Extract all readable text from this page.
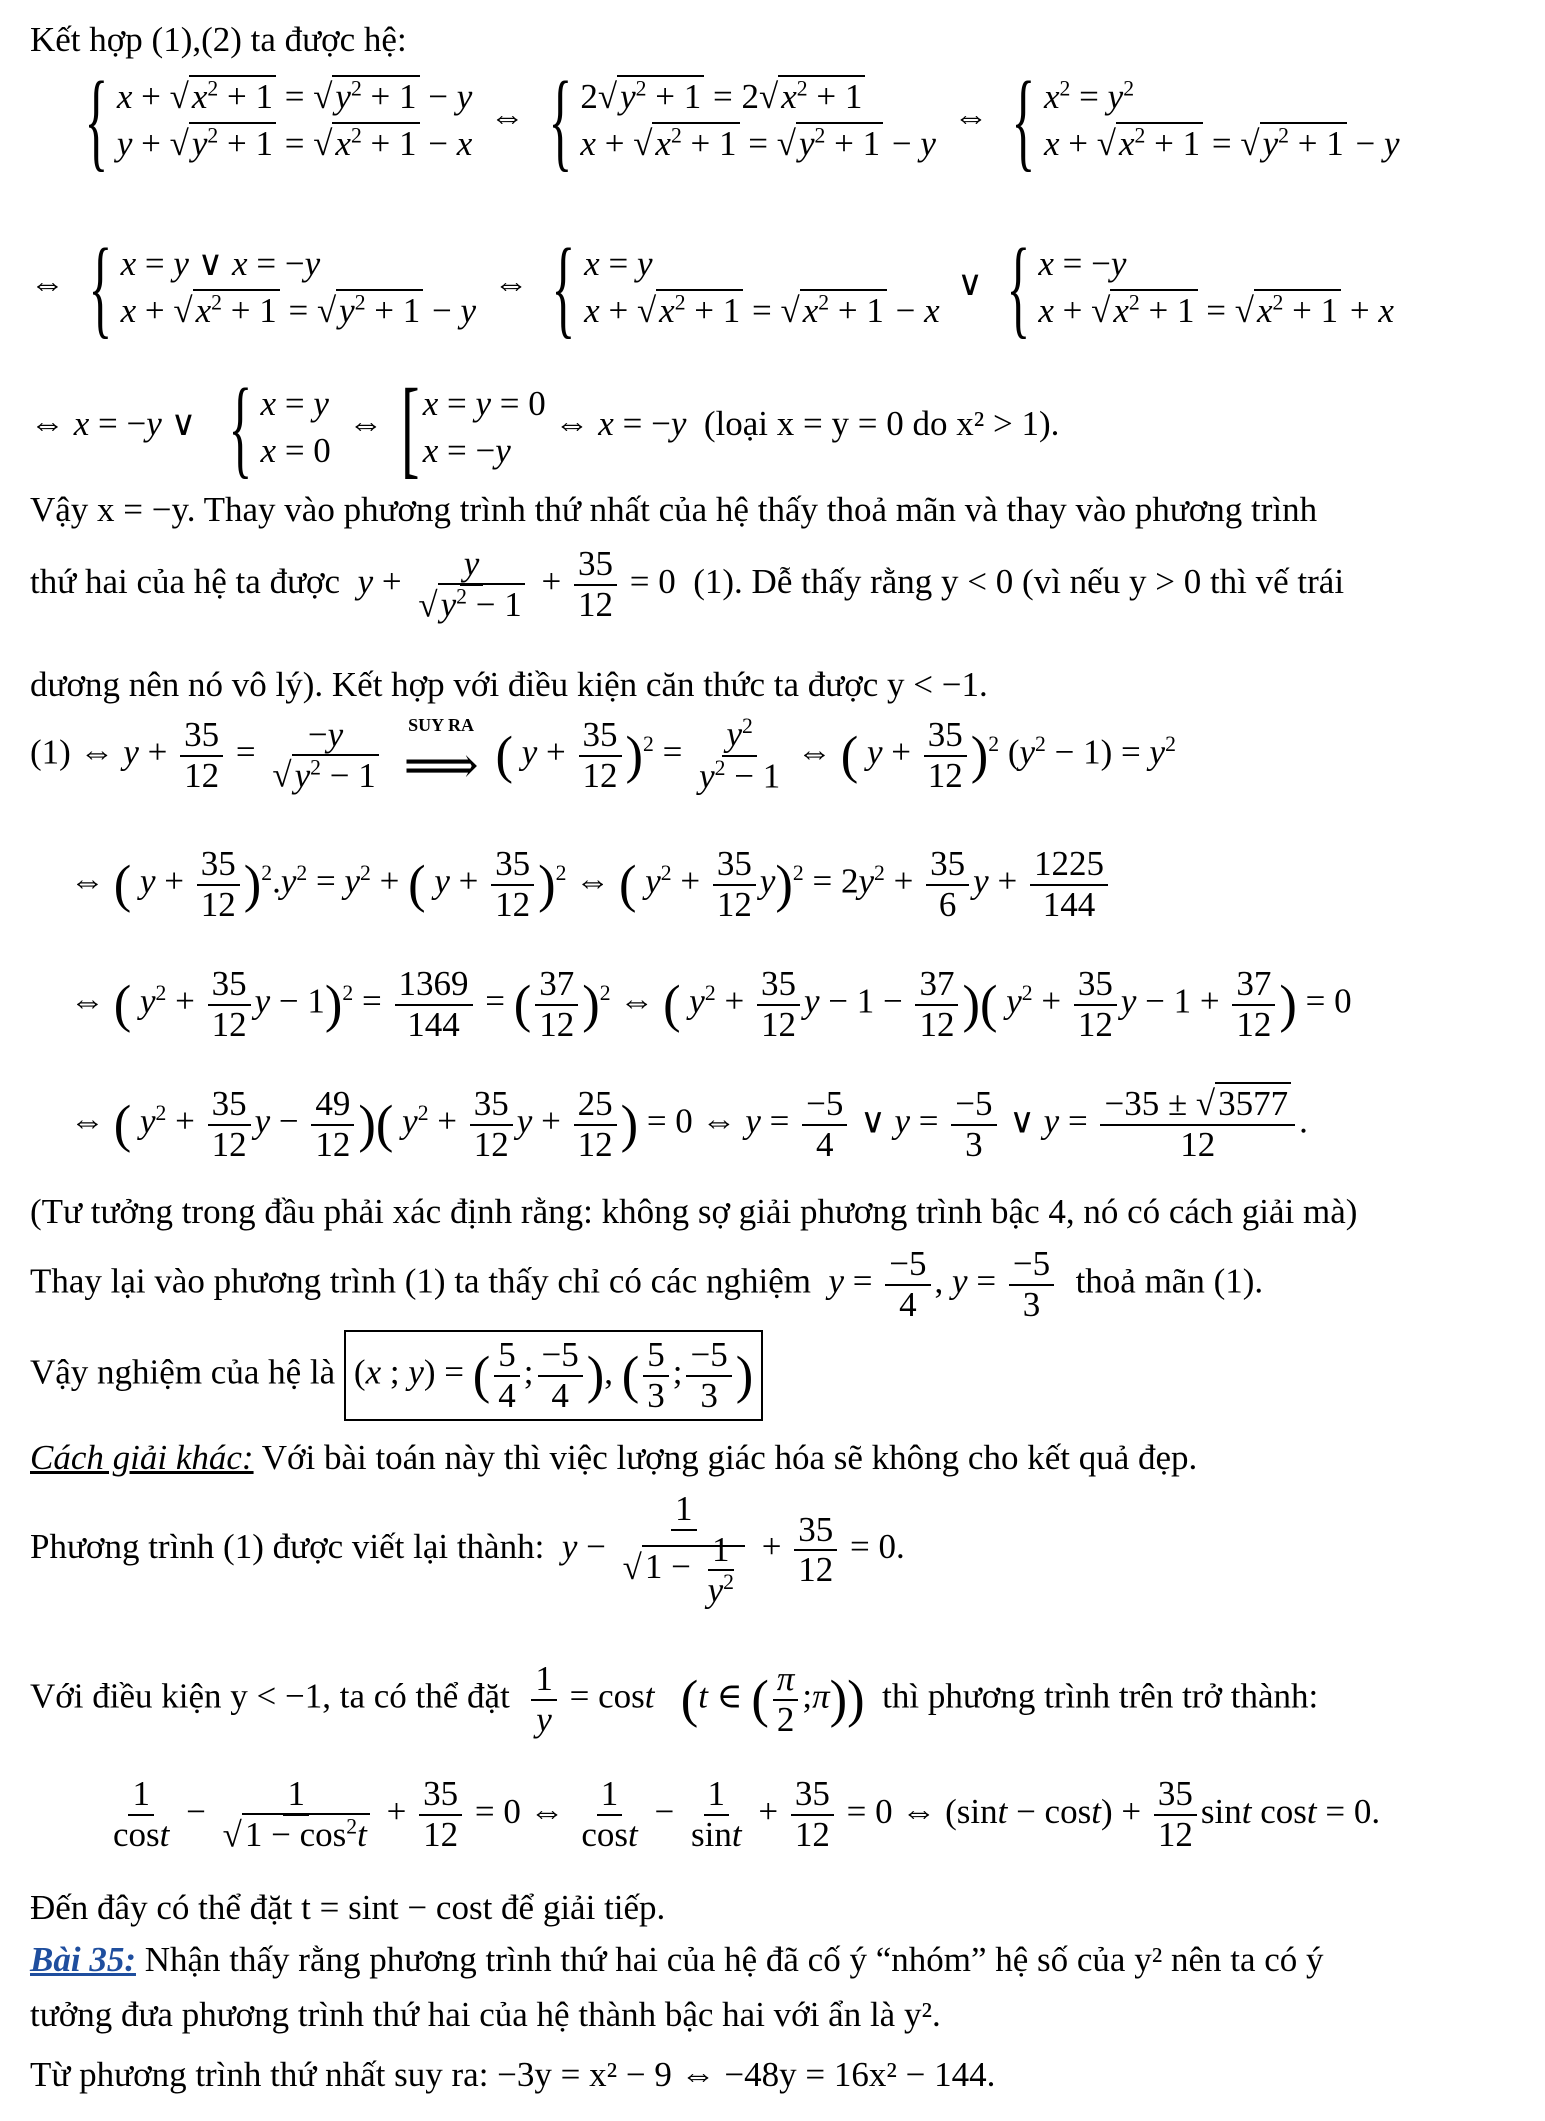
Kết hợp (1),(2) ta được hệ:
{ $x + √x^2 + 1 = √y^2 + 1 - y$
$y + √y^2 + 1 = √x^2 + 1 - x$
⇔ { $2√y^2 + 1 = 2√x^2 + 1$
$x + √x^2 + 1 = √y^2 + 1 - y$
⇔ { $x^2 = y^2$
$x + √x^2 + 1 = √y^2 + 1 - y$
⇔ { x = y ∨ x = −y
$x + √x^2 + 1 = √y^2 + 1 - y$
⇔ { x = y
$x + √x^2 + 1 = √x^2 + 1 - x$
∨ { x = −y
$x + √x^2 + 1 = √x^2 + 1 + x$
⇔ x = −y ∨ { x = y
x = 0
⇔ [ x = y = 0
x = −y
⇔ x = −y (loại x = y = 0 do x² > 1).
Vậy x = −y. Thay vào phương trình thứ nhất của hệ thấy thoả mãn và thay vào phương trình
thứ hai của hệ ta được $y + \frac{y}{√y^2 - 1} + \frac{35}{12} = 0$  (1). Dễ thấy rằng y < 0 (vì nếu y > 0 thì vế trái
dương nên nó vô lý). Kết hợp với điều kiện căn thức ta được y < −1.
(1) ⇔ $y + \frac{35}{12} = \frac{-y}{√y^2 - 1}$
SUY RA
⟹ ( $y + \frac{35}{12} )^2 = \frac{y^2}{y^2 - 1}$ ⇔ ( $y + \frac{35}{12} )^2$ $(y^2 - 1) = y^2$
⇔ ( $y + \frac{35}{12} )^2.y^2 = y^2$ + ( $y + \frac{35}{12} )^2$ ⇔ ( $y^2 + \frac{35}{12} y)^2 = 2y^2 + \frac{35}{6}$ $y + \frac{1225}{144}$
⇔ ( $y^2 + \frac{35}{12}$ $y - 1)^2 = \frac{1369}{144}$ = ( $\frac{37}{12} )^2$ ⇔ ( $y^2 + \frac{35}{12}$ $y - 1 - \frac{37}{12}$ )( $y^2 + \frac{35}{12}$ $y - 1 + \frac{37}{12}$ ) = 0
⇔ ( $y^2 + \frac{35}{12}$ $y - \frac{49}{12}$ )( $y^2 + \frac{35}{12}$ $y + \frac{25}{12}$ ) = 0 ⇔ $y = \frac{-5}{4}$ ∨ $y = \frac{-5}{3}$ ∨ $y = \frac{-35 \pm √3577}{12}$ .
(Tư tưởng trong đầu phải xác định rằng: không sợ giải phương trình bậc 4, nó có cách giải mà)
Thay lại vào phương trình (1) ta thấy chỉ có các nghiệm $y = \frac{-5}{4}$ , $y = \frac{-5}{3}$ thoả mãn (1).
Vậy nghiệm của hệ là (x ; y) = ( $\frac{5}{4}$ ; $\frac{-5}{4}$ ), ( $\frac{5}{3}$ ; $\frac{-5}{3}$ )
Cách giải khác: Với bài toán này thì việc lượng giác hóa sẽ không cho kết quả đẹp.
Phương trình (1) được viết lại thành: $y - \frac{1}{√1 - \frac{1}{y^2}} + \frac{35}{12} = 0$.
Với điều kiện y < −1, ta có thể đặt $\frac{1}{y} = \cos t$ (t ∈ ( $\frac{\pi}{2}$ ;π)) thì phương trình trên trở thành:
$\frac{1}{\cos t} - \frac{1}{√1 - \cos^2t} + \frac{35}{12} = 0$ ⇔ $\frac{1}{\cos t} - \frac{1}{\sin t} + \frac{35}{12} = 0$ ⇔ $(\sin t - \cos t) + \frac{35}{12}$ sint cost = 0.
Đến đây có thể đặt t = sint − cost để giải tiếp.
Bài 35: Nhận thấy rằng phương trình thứ hai của hệ đã cố ý “nhóm” hệ số của y² nên ta có ý
tưởng đưa phương trình thứ hai của hệ thành bậc hai với ẩn là y².
Từ phương trình thứ nhất suy ra: −3y = x² − 9 ⇔ −48y = 16x² − 144.
